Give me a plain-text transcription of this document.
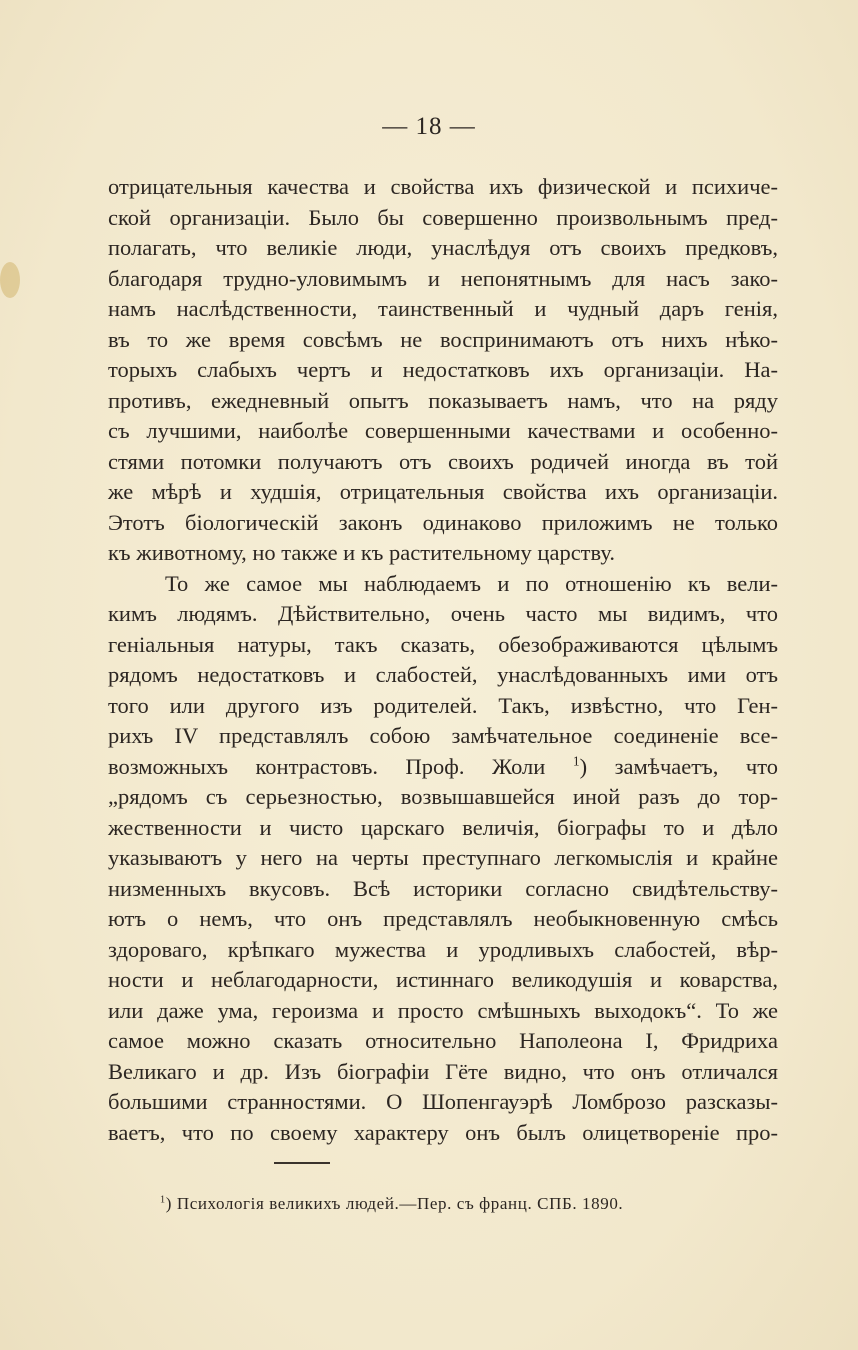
— 18 —
отрицательныя качества и свойства ихъ физической и психиче-
ской организаціи. Было бы совершенно произвольнымъ пред-
полагать, что великіе люди, унаслѣдуя отъ своихъ предковъ,
благодаря трудно-уловимымъ и непонятнымъ для насъ зако-
намъ наслѣдственности, таинственный и чудный даръ генія,
въ то же время совсѣмъ не воспринимаютъ отъ нихъ нѣко-
торыхъ слабыхъ чертъ и недостатковъ ихъ организаціи. На-
противъ, ежедневный опытъ показываетъ намъ, что на ряду
съ лучшими, наиболѣе совершенными качествами и особенно-
стями потомки получаютъ отъ своихъ родичей иногда въ той
же мѣрѣ и худшія, отрицательныя свойства ихъ организаціи.
Этотъ біологическій законъ одинаково приложимъ не только
къ животному, но также и къ растительному царству.
То же самое мы наблюдаемъ и по отношенію къ вели-
кимъ людямъ. Дѣйствительно, очень часто мы видимъ, что
геніальныя натуры, такъ сказать, обезображиваются цѣлымъ
рядомъ недостатковъ и слабостей, унаслѣдованныхъ ими отъ
того или другого изъ родителей. Такъ, извѣстно, что Ген-
рихъ IV представлялъ собою замѣчательное соединеніе все-
возможныхъ контрастовъ. Проф. Жоли $^1$) замѣчаетъ, что
„рядомъ съ серьезностью, возвышавшейся иной разъ до тор-
жественности и чисто царскаго величія, біографы то и дѣло
указываютъ у него на черты преступнаго легкомыслія и крайне
низменныхъ вкусовъ. Всѣ историки согласно свидѣтельству-
ютъ о немъ, что онъ представлялъ необыкновенную смѣсь
здороваго, крѣпкаго мужества и уродливыхъ слабостей, вѣр-
ности и неблагодарности, истиннаго великодушія и коварства,
или даже ума, героизма и просто смѣшныхъ выходокъ“. То же
самое можно сказать относительно Наполеона I, Фридриха
Великаго и др. Изъ біографіи Гёте видно, что онъ отличался
большими странностями. О Шопенгауэрѣ Ломброзо разсказы-
ваетъ, что по своему характеру онъ былъ олицетвореніе про-
$^1$) Психологія великихъ людей.—Пер. съ франц. СПБ. 1890.
